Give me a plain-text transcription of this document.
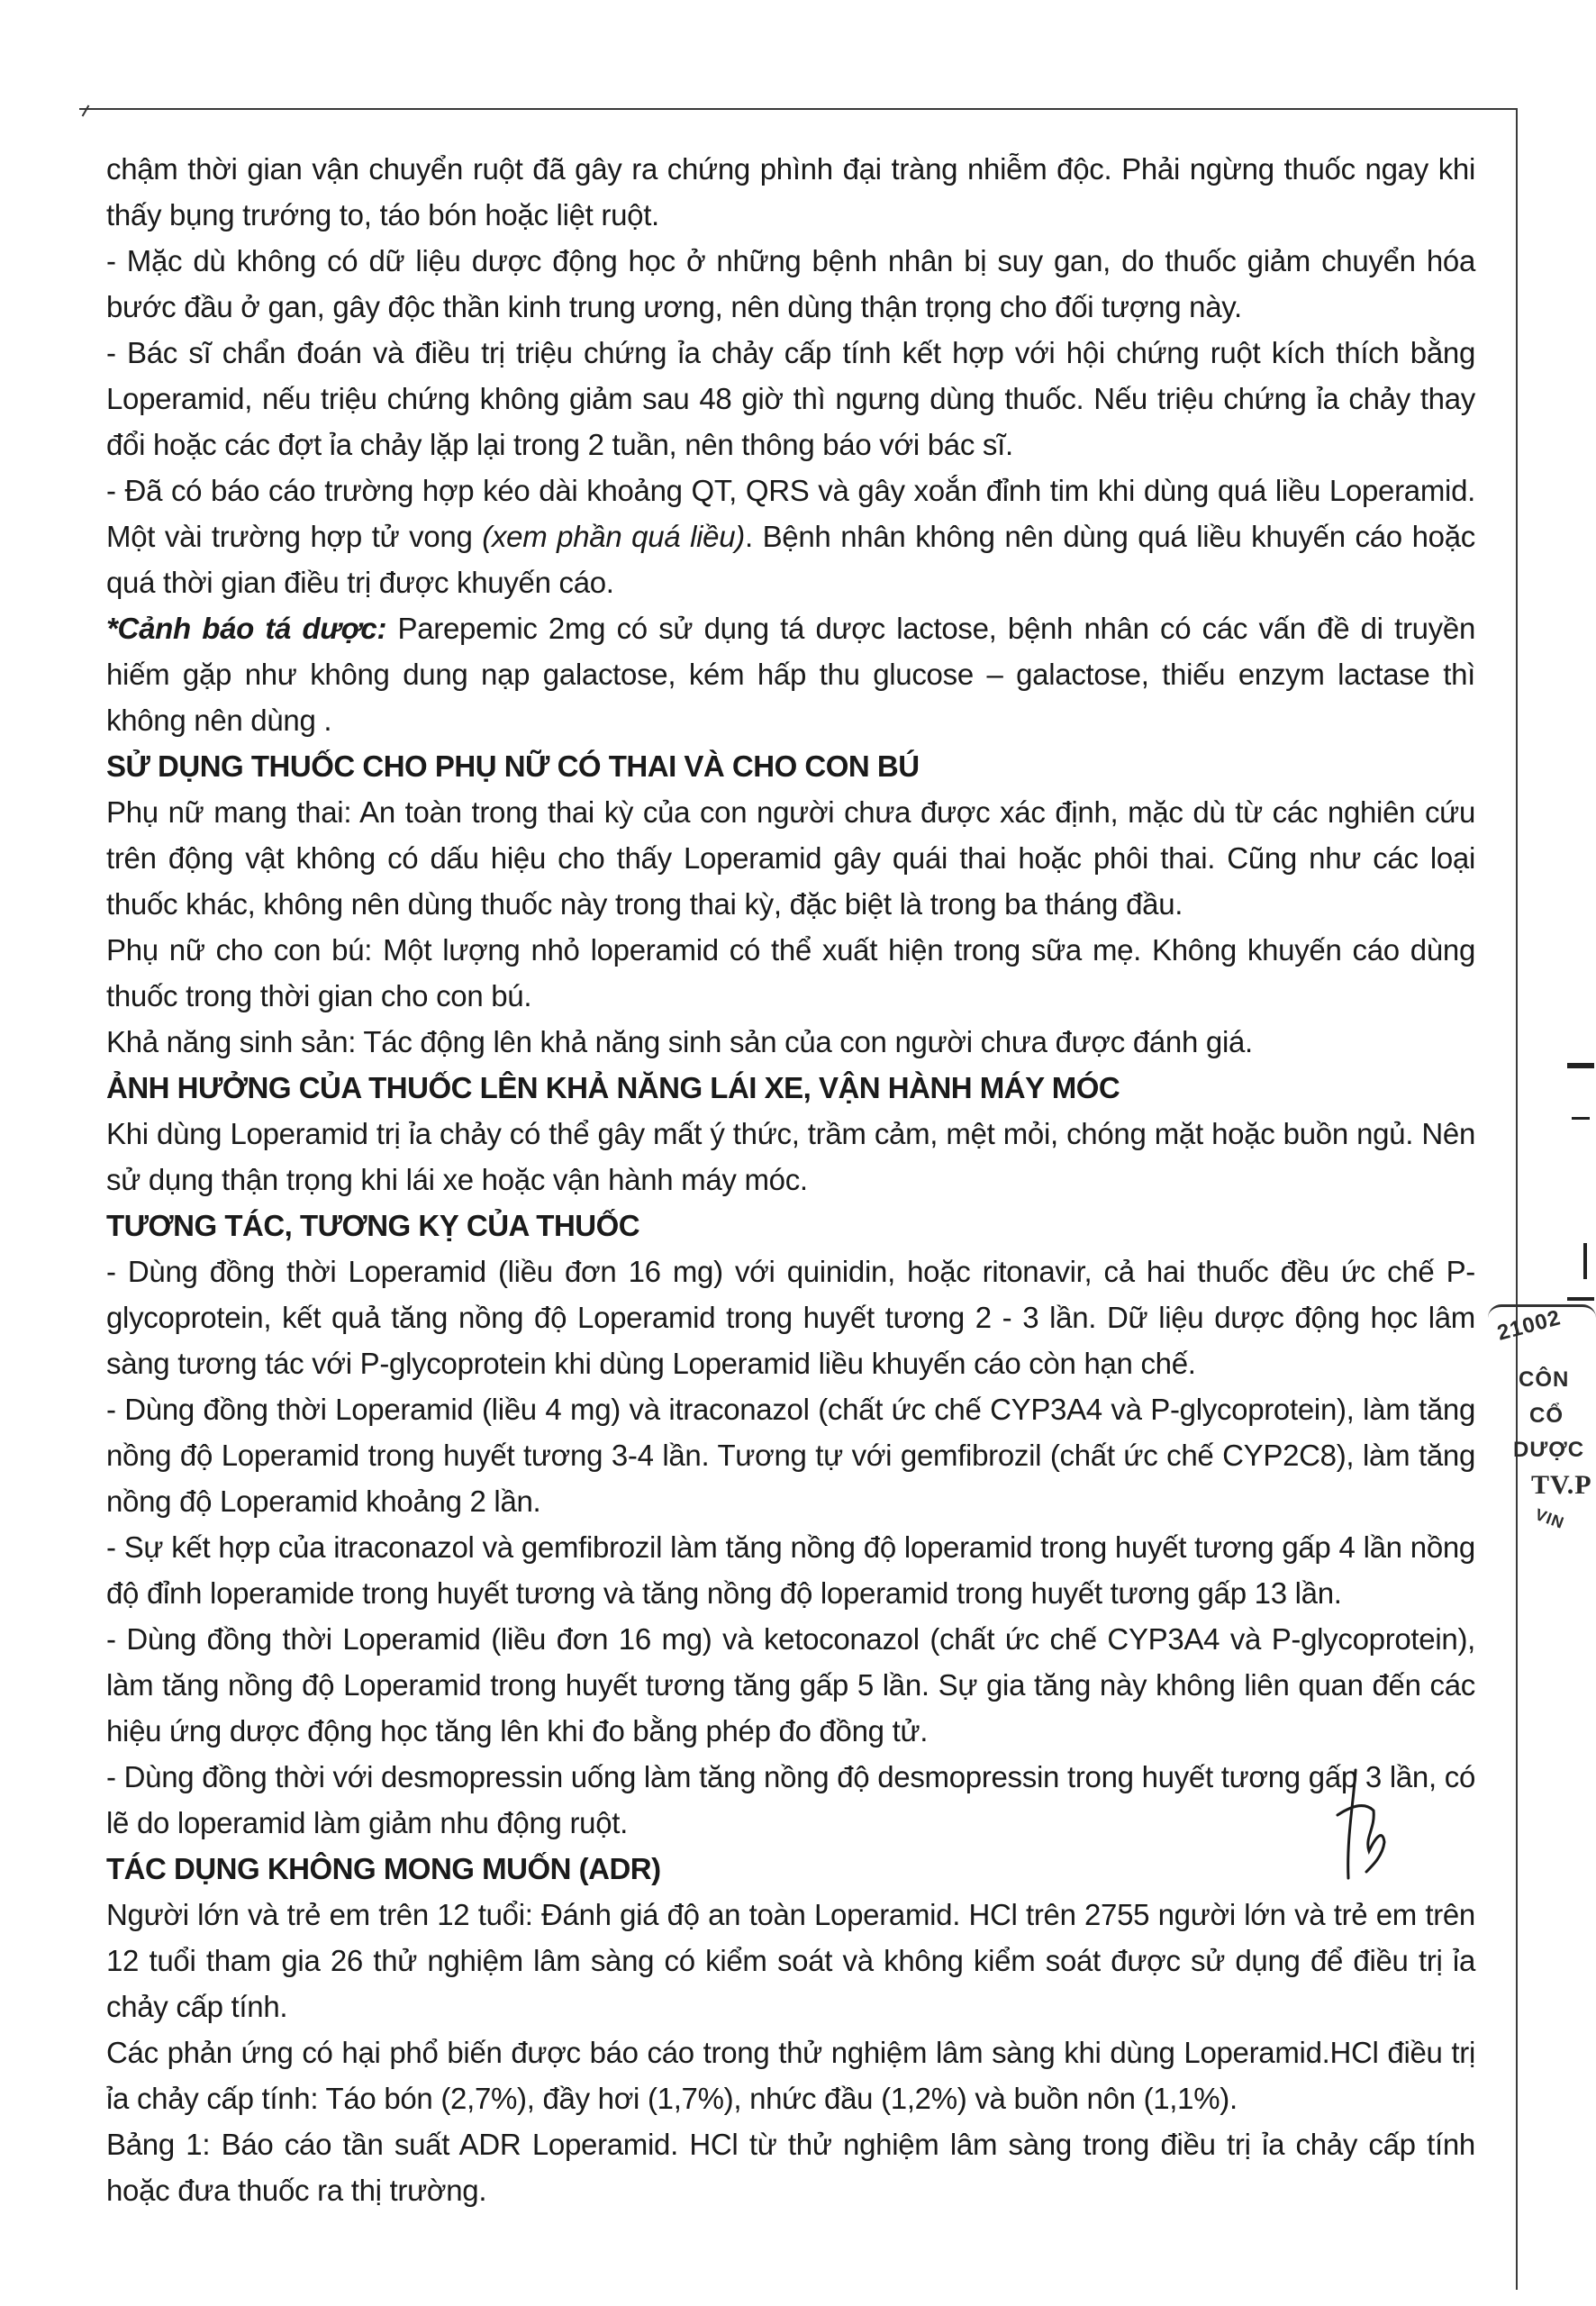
chậm thời gian vận chuyển ruột đã gây ra chứng phình đại tràng nhiễm độc. Phải ngừng thuốc ngay khi thấy bụng trướng to, táo bón hoặc liệt ruột.

- Mặc dù không có dữ liệu dược động học ở những bệnh nhân bị suy gan, do thuốc giảm chuyển hóa bước đầu ở gan, gây độc thần kinh trung ương, nên dùng thận trọng cho đối tượng này.

- Bác sĩ chẩn đoán và điều trị triệu chứng ỉa chảy cấp tính kết hợp với hội chứng ruột kích thích bằng Loperamid, nếu triệu chứng không giảm sau 48 giờ thì ngưng dùng thuốc. Nếu triệu chứng ỉa chảy thay đổi hoặc các đợt ỉa chảy lặp lại trong 2 tuần, nên thông báo với bác sĩ.

- Đã có báo cáo trường hợp kéo dài khoảng QT, QRS và gây xoắn đỉnh tim khi dùng quá liều Loperamid. Một vài trường hợp tử vong (xem phần quá liều). Bệnh nhân không nên dùng quá liều khuyến cáo hoặc quá thời gian điều trị được khuyến cáo.

*Cảnh báo tá dược: Parepemic 2mg có sử dụng tá dược lactose, bệnh nhân có các vấn đề di truyền hiếm gặp như không dung nạp galactose, kém hấp thu glucose – galactose, thiếu enzym lactase thì không nên dùng .

SỬ DỤNG THUỐC CHO PHỤ NỮ CÓ THAI VÀ CHO CON BÚ

Phụ nữ mang thai: An toàn trong thai kỳ của con người chưa được xác định, mặc dù từ các nghiên cứu trên động vật không có dấu hiệu cho thấy Loperamid gây quái thai hoặc phôi thai. Cũng như các loại thuốc khác, không nên dùng thuốc này trong thai kỳ, đặc biệt là trong ba tháng đầu.

Phụ nữ cho con bú: Một lượng nhỏ loperamid có thể xuất hiện trong sữa mẹ. Không khuyến cáo dùng thuốc trong thời gian cho con bú.

Khả năng sinh sản: Tác động lên khả năng sinh sản của con người chưa được đánh giá.

ẢNH HƯỞNG CỦA THUỐC LÊN KHẢ NĂNG LÁI XE, VẬN HÀNH MÁY MÓC

Khi dùng Loperamid trị ỉa chảy có thể gây mất ý thức, trầm cảm, mệt mỏi, chóng mặt hoặc buồn ngủ. Nên sử dụng thận trọng khi lái xe hoặc vận hành máy móc.

TƯƠNG TÁC, TƯƠNG KỴ CỦA THUỐC

- Dùng đồng thời Loperamid (liều đơn 16 mg) với quinidin, hoặc ritonavir, cả hai thuốc đều ức chế P-glycoprotein, kết quả tăng nồng độ Loperamid trong huyết tương 2 - 3 lần. Dữ liệu dược động học lâm sàng tương tác với P-glycoprotein khi dùng Loperamid liều khuyến cáo còn hạn chế.

- Dùng đồng thời Loperamid (liều 4 mg) và itraconazol (chất ức chế CYP3A4 và P-glycoprotein), làm tăng nồng độ Loperamid trong huyết tương 3-4 lần. Tương tự với gemfibrozil (chất ức chế CYP2C8), làm tăng nồng độ Loperamid khoảng 2 lần.

- Sự kết hợp của itraconazol và gemfibrozil làm tăng nồng độ loperamid trong huyết tương gấp 4 lần nồng độ đỉnh loperamide trong huyết tương và tăng nồng độ loperamid trong huyết tương gấp 13 lần.

- Dùng đồng thời Loperamid (liều đơn 16 mg) và ketoconazol (chất ức chế CYP3A4 và P-glycoprotein), làm tăng nồng độ Loperamid trong huyết tương tăng gấp 5 lần. Sự gia tăng này không liên quan đến các hiệu ứng dược động học tăng lên khi đo bằng phép đo đồng tử.

- Dùng đồng thời với desmopressin uống làm tăng nồng độ desmopressin trong huyết tương gấp 3 lần, có lẽ do loperamid làm giảm nhu động ruột.

TÁC DỤNG KHÔNG MONG MUỐN (ADR)

Người lớn và trẻ em trên 12 tuổi: Đánh giá độ an toàn Loperamid. HCl trên 2755 người lớn và trẻ em trên 12 tuổi tham gia 26 thử nghiệm lâm sàng có kiểm soát và không kiểm soát được sử dụng để điều trị ỉa chảy cấp tính.

Các phản ứng có hại phổ biến được báo cáo trong thử nghiệm lâm sàng khi dùng Loperamid.HCl điều trị ỉa chảy cấp tính: Táo bón (2,7%), đầy hơi (1,7%), nhức đầu (1,2%) và buồn nôn (1,1%).

Bảng 1: Báo cáo tần suất ADR Loperamid. HCl từ thử nghiệm lâm sàng trong điều trị ỉa chảy cấp tính hoặc đưa thuốc ra thị trường.

21002
CÔN
CỔ
DƯỢC
TV.P
VIN
